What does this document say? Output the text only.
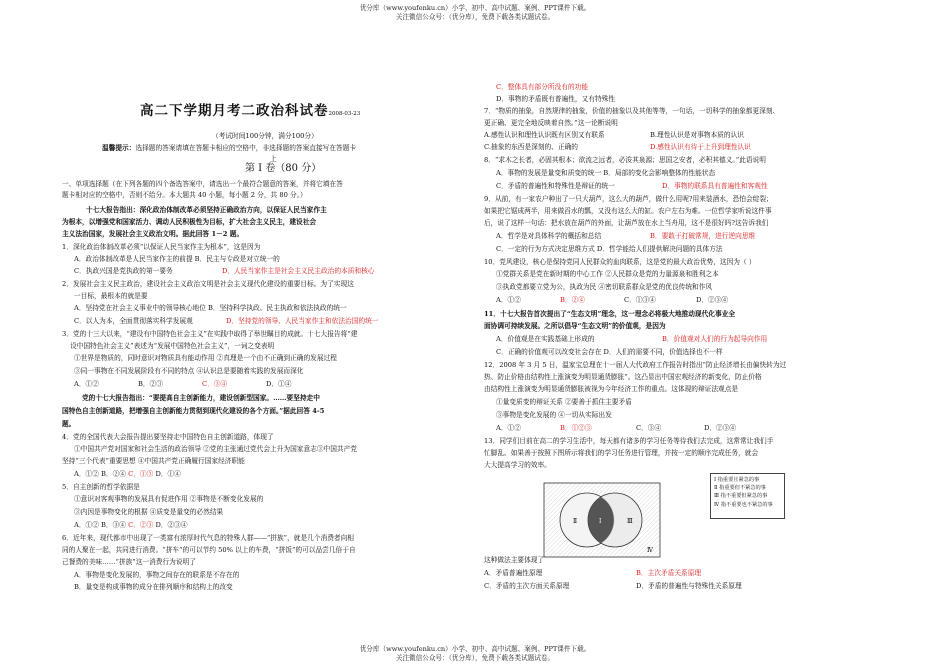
优分库（www.youfenku.cn）小学、初中、高中试题、案例、PPT课件下载。
关注微信公众号：（优分库），免费下载各类试题试卷。
高二下学期月考二政治科试卷2008-03-23
（考试时间100分钟，满分100分）
温馨提示：选择题的答案请填在答题卡相应的空格中，非选择题的答案直接写在答题卡
上
第 Ⅰ 卷（80 分）
一、单项选择题（在下列各题的四个备选答案中，请选出一个最符合题意的答案，并将它填在答
题卡相对应的空格中，否则不给分。本大题共 40 小题，每小题 2 分，共 80 分。）
十七大报告指出：深化政治体制改革必须坚持正确政治方向，以保证人民当家作主
为根本，以增强党和国家活力、调动人民积极性为目标，扩大社会主义民主，建设社会
主义法治国家，发展社会主义政治文明。据此回答 1－2 题。
1．深化政治体制改革必须“以保证人民当家作主为根本”，这是因为
A．政治体制改革是人民当家作主的前提 B．民主与专政是对立统一的
C．执政兴国是党执政的第一要务	D．人民当家作主是社会主义民主政治的本质和核心
2．发展社会主义民主政治，建设社会主义政治文明是社会主义现代化建设的重要目标。为了实现这
一目标，最根本的就是要
A．坚持党在社会主义事业中的领导核心地位 B．坚持科学执政、民主执政和依法执政的统一
C．以人为本，全面贯彻落实科学发展观	D．坚持党的领导、人民当家作主和依法治国的统一
3．党的十三大以来，“建设有中国特色社会主义”在实践中取得了举世瞩目的成就。十七大报告将“建
设中国特色社会主义”表述为“发展中国特色社会主义”，一词之变表明
①世界是物质的，同时意识对物质具有能动作用 ②真理是一个由不正确到正确的发展过程
③同一事物在不同发展阶段有不同的特点 ④认识总是要随着实践的发展而深化
A．①②	B．②③	C．③④	D．①④
党的十七大报告指出：“要提高自主创新能力，建设创新型国家。……要坚持走中
国特色自主创新道路，把增强自主创新能力贯彻到现代化建设的各个方面。”据此回答 4-5
题。
4．党的全国代表大会报告提出要坚持走中国特色自主创新道路，体现了
①中国共产党对国家和社会生活的政治领导 ②党的主张通过党代会上升为国家意志③中国共产党
坚持“三个代表”重要思想 ④中国共产党正确履行国家经济职能
A．①② B．②④ C．①③ D．①④
5．自主创新的哲学依据是
①意识对客观事物的发展具有促进作用 ②事物是不断变化发展的
③内因是事物变化的根据 ④质变是量变的必然结果
A．①② B．③④ C．②③ D．②③④
6．近年来，现代都市中出现了一类富有浓厚时代气息的特殊人群——“拼族”，就是几个消费者向相
同的人聚在一起，共同进行消费。“拼车”的可以节约 50% 以上的车费，“拼饭”的可以品尝几倍于自
己餐费的美味……“拼族”这一消费行为说明了
A．事物是变化发展的，事物之间存在的联系是不存在的
B．量变是构成事物的成分在排列顺序和结构上的改变
C．整体具有部分所没有的功能
D．事物的矛盾既有普遍性，又有特殊性
7．“物质的抽象，自然规律的抽象，价值的抽象以及其他等等，一句话，一切科学的抽象都更深刻、
更正确、更完全地反映着自然。”这一论断说明
A.感性认识和理性认识既有区别又有联系	B.理性认识是对事物本质的认识
C.抽象的东西是深刻的、正确的	D.感性认识有待于上升到理性认识
8．“求木之长者，必固其根本；欲流之远者，必浚其泉源；思国之安者，必积其德义。”此语说明
A．事物的发展是量变和质变的统一 B．局部的变化会影响整体的性能状态
C．矛盾的普遍性和特殊性是辩证的统一	D．事物的联系具有普遍性和客观性
9．从前，有一家农户种出了一只大葫芦，这么大的葫芦，做什么用呢?用来装酒水，恐怕会绽裂；
如果把它锯成两半，用来做舀水的瓢，又没有这么大的缸。农户左右为难。一位哲学家听说这件事
后，说了这样一句话：把水放在葫芦的外面，让葫芦放在水上当舟用，这不是很好吗?这告诉我们
A．哲学是对具体科学的概括和总结	B．要敢于打破常规，进行逆向思维
C．一定的行为方式决定思维方式 D．哲学能给人们提供解决问题的具体方法
10．党风建设，核心是保持党同人民群众的血肉联系，这是党的最大政治优势，这因为（ ）
①党群关系是党在新时期的中心工作 ②人民群众是党的力量源泉和胜利之本
③执政党都要立党为公，执政为民 ④密切联系群众是党的优良传统和作风
A．①②	B．②④	C．①③④	D．②③④
11．十七大报告首次提出了“生态文明”理念，这一理念必将极大地推动现代化事业全
面协调可持续发展。之所以倡导“生态文明”的价值观，是因为
A．价值观是在实践基础上形成的	B．价值观对人们的行为起导向作用
C．正确的价值观可以改变社会存在 D．人们的需要不同，价值选择也不一样
12．2008 年 3 月 5 日，温家宝总理在十一届人大代政府工作报告时指出“防止经济增长由偏快转为过
热、防止价格由结构性上涨演变为明显通货膨胀”。这凸显出中国宏观经济的新变化，防止价格
由结构性上涨演变为明显通货膨胀被视为今年经济工作的重点。这体现的辩证法观点是
①量变质变的辩证关系 ②要善于抓住主要矛盾
③事物是变化发展的 ④一切从实际出发
A．①②	B．①②③	C．③④	D．②③④
13．同学们目前在高二的学习生活中，每天都有诸多的学习任务等待我们去完成，这常常让我们手
忙脚乱。如果善于按照下图所示将我们的学习任务进行管理，并按一定的顺序完成任务，就会
大大提高学习的效率。
这种做法主要体现了
A．矛盾普遍性原理	B．主次矛盾关系原理
C．矛盾的主次方面关系原理	D．矛盾的普遍性与特殊性关系原理
Ⅰ
Ⅱ	Ⅲ
Ⅳ
Ⅰ 指重要且紧急的事
Ⅱ 指重要但不紧急的事
Ⅲ 指不重要但紧急的事
Ⅳ 指不重要也不紧急的事
优分库（www.youfenku.cn）小学、初中、高中试题、案例、PPT课件下载。
关注微信公众号：（优分库），免费下载各类试题试卷。
